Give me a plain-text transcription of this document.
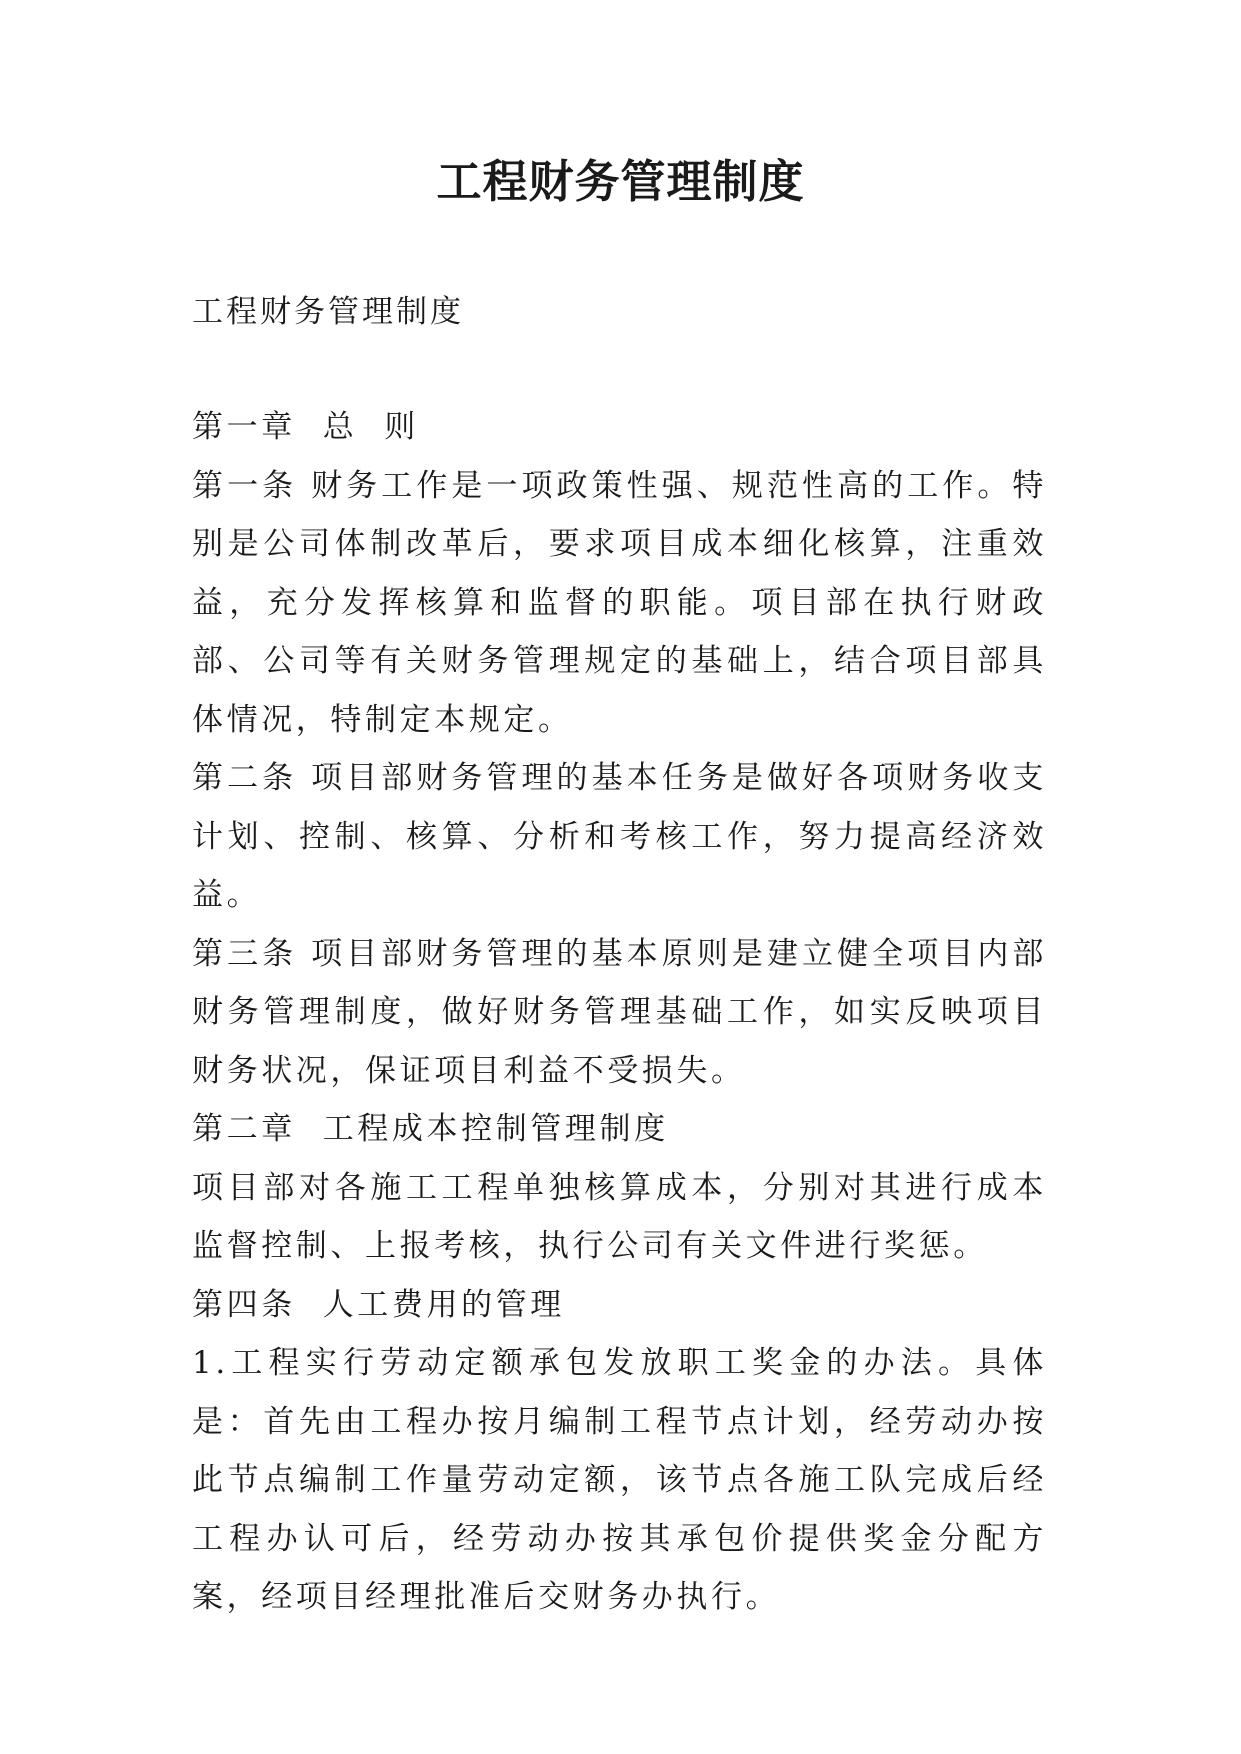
工程财务管理制度

工程财务管理制度

第一章  总  则

第一条 财务工作是一项政策性强、规范性高的工作。特别是公司体制改革后，要求项目成本细化核算，注重效益，充分发挥核算和监督的职能。项目部在执行财政部、公司等有关财务管理规定的基础上，结合项目部具体情况，特制定本规定。

第二条 项目部财务管理的基本任务是做好各项财务收支计划、控制、核算、分析和考核工作，努力提高经济效益。

第三条 项目部财务管理的基本原则是建立健全项目内部财务管理制度，做好财务管理基础工作，如实反映项目财务状况，保证项目利益不受损失。

第二章  工程成本控制管理制度

项目部对各施工工程单独核算成本，分别对其进行成本监督控制、上报考核，执行公司有关文件进行奖惩。

第四条  人工费用的管理

1.工程实行劳动定额承包发放职工奖金的办法。具体是：首先由工程办按月编制工程节点计划，经劳动办按此节点编制工作量劳动定额，该节点各施工队完成后经工程办认可后，经劳动办按其承包价提供奖金分配方案，经项目经理批准后交财务办执行。
